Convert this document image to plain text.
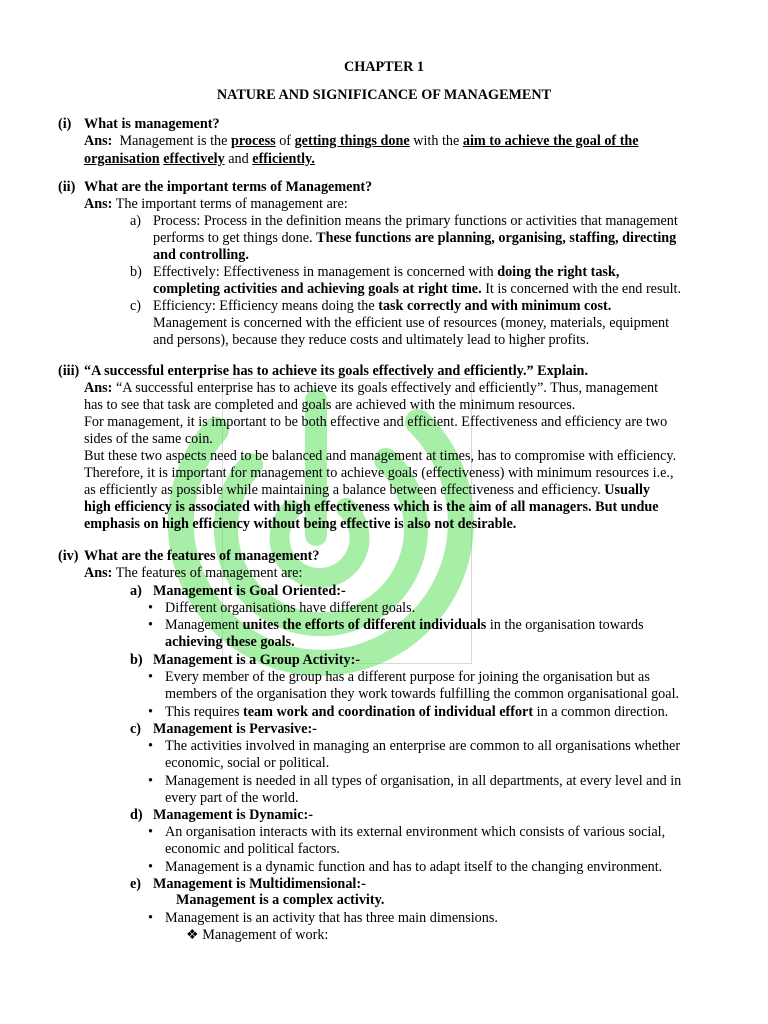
CHAPTER 1
NATURE AND SIGNIFICANCE OF MANAGEMENT
(i) What is management?
Ans: Management is the process of getting things done with the aim to achieve the goal of the
organisation effectively and efficiently.
(ii) What are the important terms of Management?
Ans: The important terms of management are:
a) Process: Process in the definition means the primary functions or activities that management
performs to get things done. These functions are planning, organising, staffing, directing
and controlling.
b) Effectively: Effectiveness in management is concerned with doing the right task,
completing activities and achieving goals at right time. It is concerned with the end result.
c) Efficiency: Efficiency means doing the task correctly and with minimum cost.
Management is concerned with the efficient use of resources (money, materials, equipment
and persons), because they reduce costs and ultimately lead to higher profits.
(iii) “A successful enterprise has to achieve its goals effectively and efficiently.” Explain.
Ans: “A successful enterprise has to achieve its goals effectively and efficiently”. Thus, management
has to see that task are completed and goals are achieved with the minimum resources.
For management, it is important to be both effective and efficient. Effectiveness and efficiency are two
sides of the same coin.
But these two aspects need to be balanced and management at times, has to compromise with efficiency.
Therefore, it is important for management to achieve goals (effectiveness) with minimum resources i.e.,
as efficiently as possible while maintaining a balance between effectiveness and efficiency. Usually
high efficiency is associated with high effectiveness which is the aim of all managers. But undue
emphasis on high efficiency without being effective is also not desirable.
(iv) What are the features of management?
Ans: The features of management are:
a) Management is Goal Oriented:-
• Different organisations have different goals.
• Management unites the efforts of different individuals in the organisation towards
achieving these goals.
b) Management is a Group Activity:-
• Every member of the group has a different purpose for joining the organisation but as
members of the organisation they work towards fulfilling the common organisational goal.
• This requires team work and coordination of individual effort in a common direction.
c) Management is Pervasive:-
• The activities involved in managing an enterprise are common to all organisations whether
economic, social or political.
• Management is needed in all types of organisation, in all departments, at every level and in
every part of the world.
d) Management is Dynamic:-
• An organisation interacts with its external environment which consists of various social,
economic and political factors.
• Management is a dynamic function and has to adapt itself to the changing environment.
e) Management is Multidimensional:-
Management is a complex activity.
• Management is an activity that has three main dimensions.
❖ Management of work:
